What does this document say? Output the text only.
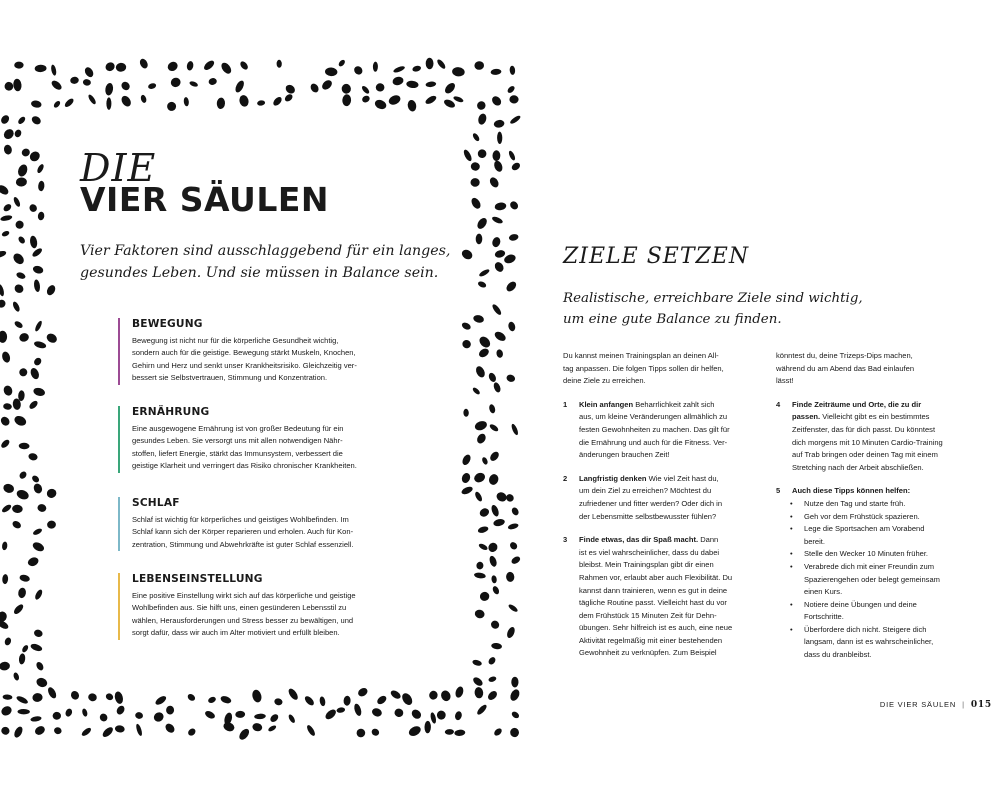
DIE
VIER SÄULEN

Vier Faktoren sind ausschlaggebend für ein langes,
gesundes Leben. Und sie müssen in Balance sein.

BEWEGUNG

Bewegung ist nicht nur für die körperliche Gesundheit wichtig,
sondern auch für die geistige. Bewegung stärkt Muskeln, Knochen,
Gehirn und Herz und senkt unser Krankheitsrisiko. Gleichzeitig ver-
bessert sie Selbstvertrauen, Stimmung und Konzentration.

ERNÄHRUNG

Eine ausgewogene Ernährung ist von großer Bedeutung für ein
gesundes Leben. Sie versorgt uns mit allen notwendigen Nähr-
stoffen, liefert Energie, stärkt das Immunsystem, verbessert die
geistige Klarheit und verringert das Risiko chronischer Krankheiten.

SCHLAF

Schlaf ist wichtig für körperliches und geistiges Wohlbefinden. Im
Schlaf kann sich der Körper reparieren und erholen. Auch für Kon-
zentration, Stimmung und Abwehrkräfte ist guter Schlaf essenziell.

LEBENSEINSTELLUNG

Eine positive Einstellung wirkt sich auf das körperliche und geistige
Wohlbefinden aus. Sie hilft uns, einen gesünderen Lebensstil zu
wählen, Herausforderungen und Stress besser zu bewältigen, und
sorgt dafür, dass wir auch im Alter motiviert und erfüllt bleiben.

ZIELE SETZEN

Realistische, erreichbare Ziele sind wichtig,
um eine gute Balance zu finden.

Du kannst meinen Trainingsplan an deinen All-
tag anpassen. Die folgen Tipps sollen dir helfen,
deine Ziele zu erreichen.

1 Klein anfangen Beharrlichkeit zahlt sich
aus, um kleine Veränderungen allmählich zu
festen Gewohnheiten zu machen. Das gilt für
die Ernährung und auch für die Fitness. Ver-
änderungen brauchen Zeit!
2 Langfristig denken Wie viel Zeit hast du,
um dein Ziel zu erreichen? Möchtest du
zufriedener und fitter werden? Oder dich in
der Lebensmitte selbstbewusster fühlen?
3 Finde etwas, das dir Spaß macht. Dann
ist es viel wahrscheinlicher, dass du dabei
bleibst. Mein Trainingsplan gibt dir einen
Rahmen vor, erlaubt aber auch Flexibilität. Du
kannst dann trainieren, wenn es gut in deine
tägliche Routine passt. Vielleicht hast du vor
dem Frühstück 15 Minuten Zeit für Dehn-
übungen. Sehr hilfreich ist es auch, eine neue
Aktivität regelmäßig mit einer bestehenden
Gewohnheit zu verknüpfen. Zum Beispiel

könntest du, deine Trizeps-Dips machen,
während du am Abend das Bad einlaufen
lässt!

4 Finde Zeiträume und Orte, die zu dir
passen. Vielleicht gibt es ein bestimmtes
Zeitfenster, das für dich passt. Du könntest
dich morgens mit 10 Minuten Cardio-Training
auf Trab bringen oder deinen Tag mit einem
Stretching nach der Arbeit abschließen.
5 Auch diese Tipps können helfen:
• Nutze den Tag und starte früh.
• Geh vor dem Frühstück spazieren.
• Lege die Sportsachen am Vorabend
bereit.
• Stelle den Wecker 10 Minuten früher.
• Verabrede dich mit einer Freundin zum
Spazierengehen oder belegt gemeinsam
einen Kurs.
• Notiere deine Übungen und deine
Fortschritte.
• Überfordere dich nicht. Steigere dich
langsam, dann ist es wahrscheinlicher,
dass du dranbleibst.
DIE VIER SÄULEN | 015
